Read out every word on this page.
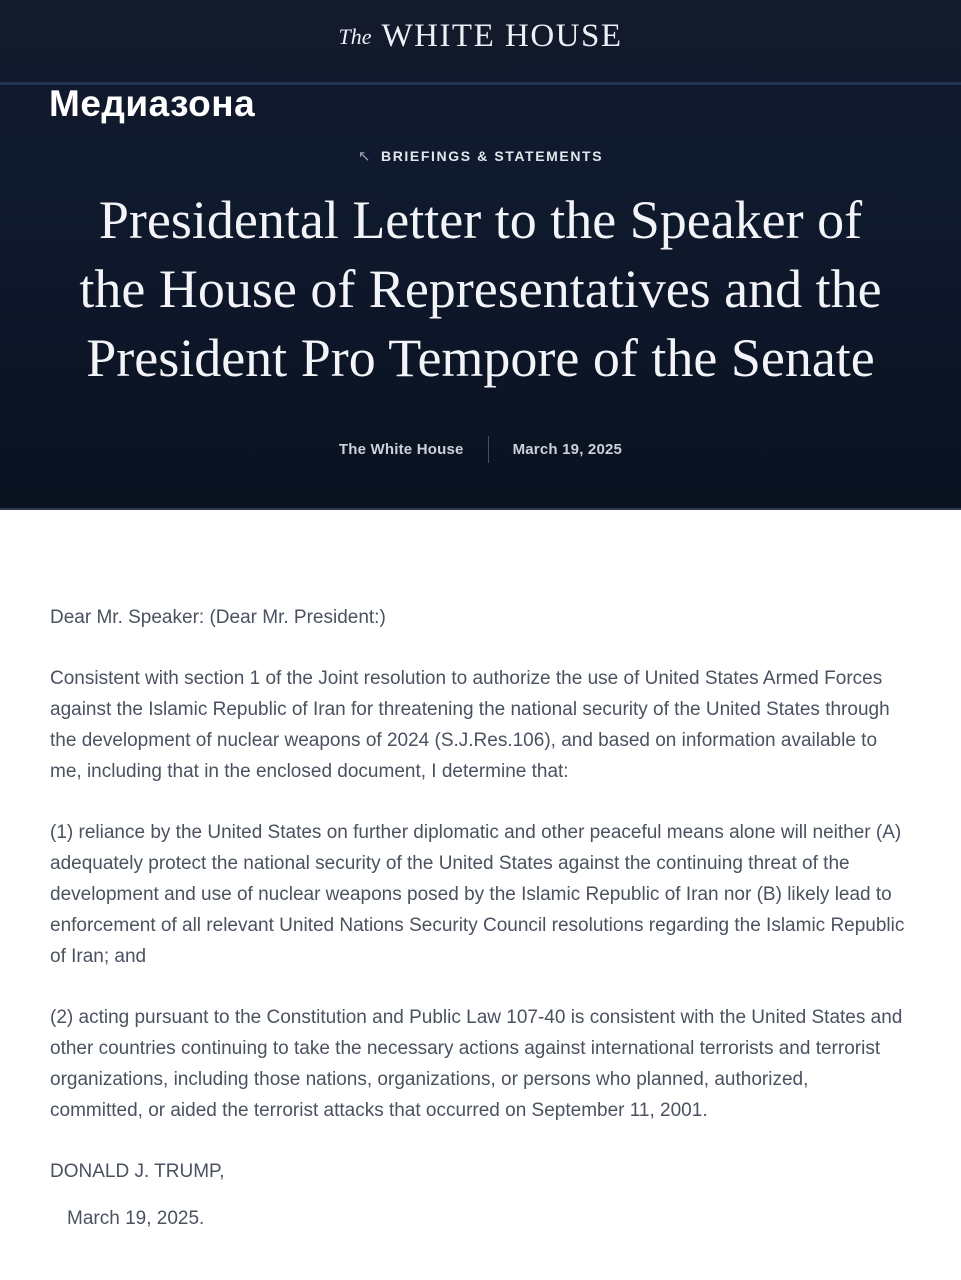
The WHITE HOUSE
Медиазона
↖ BRIEFINGS & STATEMENTS
Presidental Letter to the Speaker of
the House of Representatives and the
President Pro Tempore of the Senate
The White House	March 19, 2025

Dear Mr. Speaker: (Dear Mr. President:)

Consistent with section 1 of the Joint resolution to authorize the use of United States Armed Forces against the Islamic Republic of Iran for threatening the national security of the United States through the development of nuclear weapons of 2024 (S.J.Res.106), and based on information available to me, including that in the enclosed document, I determine that:

(1) reliance by the United States on further diplomatic and other peaceful means alone will neither (A) adequately protect the national security of the United States against the continuing threat of the development and use of nuclear weapons posed by the Islamic Republic of Iran nor (B) likely lead to enforcement of all relevant United Nations Security Council resolutions regarding the Islamic Republic of Iran; and

(2) acting pursuant to the Constitution and Public Law 107-40 is consistent with the United States and other countries continuing to take the necessary actions against international terrorists and terrorist organizations, including those nations, organizations, or persons who planned, authorized, committed, or aided the terrorist attacks that occurred on September 11, 2001.

DONALD J. TRUMP,

March 19, 2025.
